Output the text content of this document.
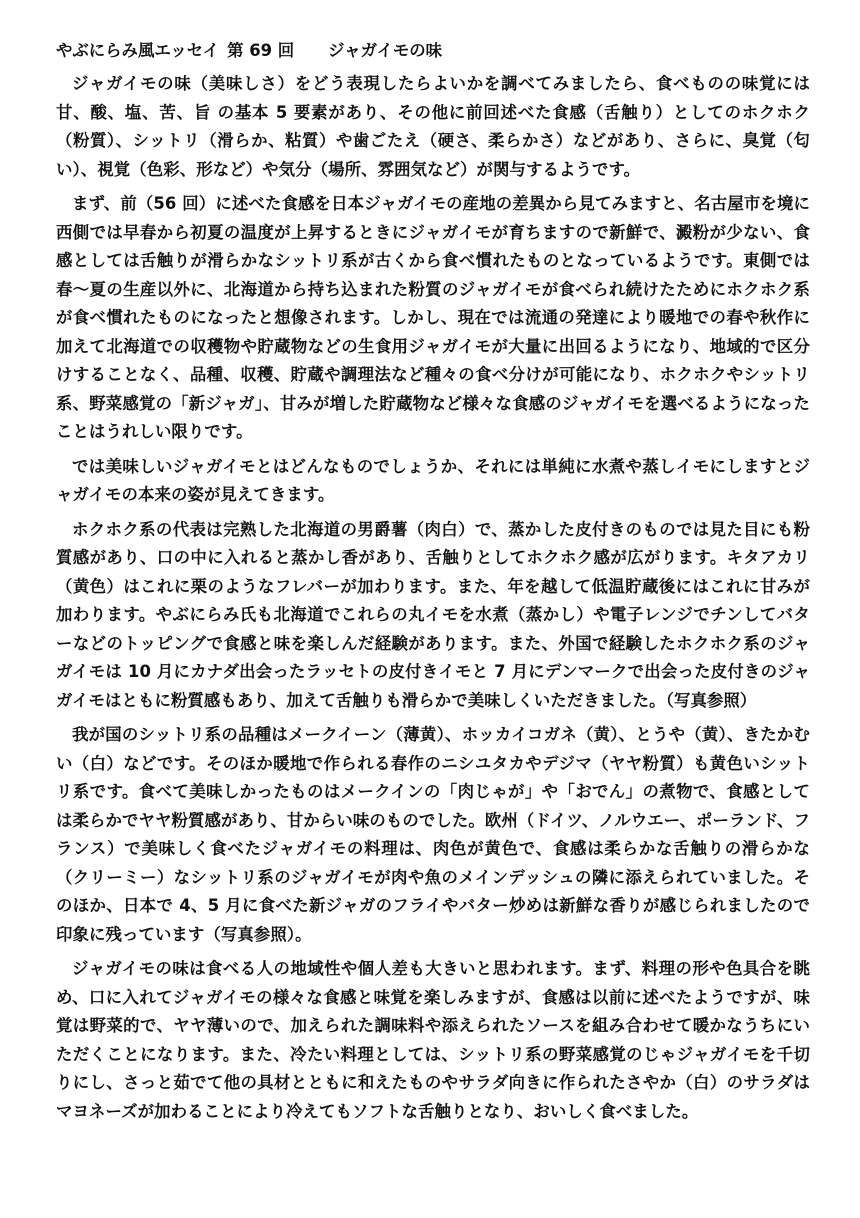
やぶにらみ風エッセイ 第 69 回 ジャガイモの味

ジャガイモの味（美味しさ）をどう表現したらよいかを調べてみましたら、食べものの味覚には甘、酸、塩、苦、旨 の基本 5 要素があり、その他に前回述べた食感（舌触り）としてのホクホク（粉質）、シットリ（滑らか、粘質）や歯ごたえ（硬さ、柔らかさ）などがあり、さらに、臭覚（匂い）、視覚（色彩、形など）や気分（場所、雰囲気など）が関与するようです。

まず、前（56 回）に述べた食感を日本ジャガイモの産地の差異から見てみますと、名古屋市を境に西側では早春から初夏の温度が上昇するときにジャガイモが育ちますので新鮮で、澱粉が少ない、食感としては舌触りが滑らかなシットリ系が古くから食べ慣れたものとなっているようです。東側では春～夏の生産以外に、北海道から持ち込まれた粉質のジャガイモが食べられ続けたためにホクホク系が食べ慣れたものになったと想像されます。しかし、現在では流通の発達により暖地での春や秋作に加えて北海道での収穫物や貯蔵物などの生食用ジャガイモが大量に出回るようになり、地域的で区分けすることなく、品種、収穫、貯蔵や調理法など種々の食べ分けが可能になり、ホクホクやシットリ系、野菜感覚の「新ジャガ」、甘みが増した貯蔵物など様々な食感のジャガイモを選べるようになったことはうれしい限りです。

では美味しいジャガイモとはどんなものでしょうか、それには単純に水煮や蒸しイモにしますとジャガイモの本来の姿が見えてきます。

ホクホク系の代表は完熟した北海道の男爵薯（肉白）で、蒸かした皮付きのものでは見た目にも粉質感があり、口の中に入れると蒸かし香があり、舌触りとしてホクホク感が広がります。キタアカリ（黄色）はこれに栗のようなフレバーが加わります。また、年を越して低温貯蔵後にはこれに甘みが加わります。やぶにらみ氏も北海道でこれらの丸イモを水煮（蒸かし）や電子レンジでチンしてバターなどのトッピングで食感と味を楽しんだ経験があります。また、外国で経験したホクホク系のジャガイモは 10 月にカナダ出会ったラッセトの皮付きイモと 7 月にデンマークで出会った皮付きのジャガイモはともに粉質感もあり、加えて舌触りも滑らかで美味しくいただきました。（写真参照）

我が国のシットリ系の品種はメークイーン（薄黄）、ホッカイコガネ（黄）、とうや（黄）、きたかむい（白）などです。そのほか暖地で作られる春作のニシユタカやデジマ（ヤヤ粉質）も黄色いシットリ系です。食べて美味しかったものはメークインの「肉じゃが」や「おでん」の煮物で、食感としては柔らかでヤヤ粉質感があり、甘からい味のものでした。欧州（ドイツ、ノルウエー、ポーランド、フランス）で美味しく食べたジャガイモの料理は、肉色が黄色で、食感は柔らかな舌触りの滑らかな（クリーミー）なシットリ系のジャガイモが肉や魚のメインデッシュの隣に添えられていました。そのほか、日本で 4、5 月に食べた新ジャガのフライやバター炒めは新鮮な香りが感じられましたので印象に残っています（写真参照）。

ジャガイモの味は食べる人の地域性や個人差も大きいと思われます。まず、料理の形や色具合を眺め、口に入れてジャガイモの様々な食感と味覚を楽しみますが、食感は以前に述べたようですが、味覚は野菜的で、ヤヤ薄いので、加えられた調味料や添えられたソースを組み合わせて暖かなうちにいただくことになります。また、冷たい料理としては、シットリ系の野菜感覚のじゃジャガイモを千切りにし、さっと茹でて他の具材とともに和えたものやサラダ向きに作られたさやか（白）のサラダはマヨネーズが加わることにより冷えてもソフトな舌触りとなり、おいしく食べました。
